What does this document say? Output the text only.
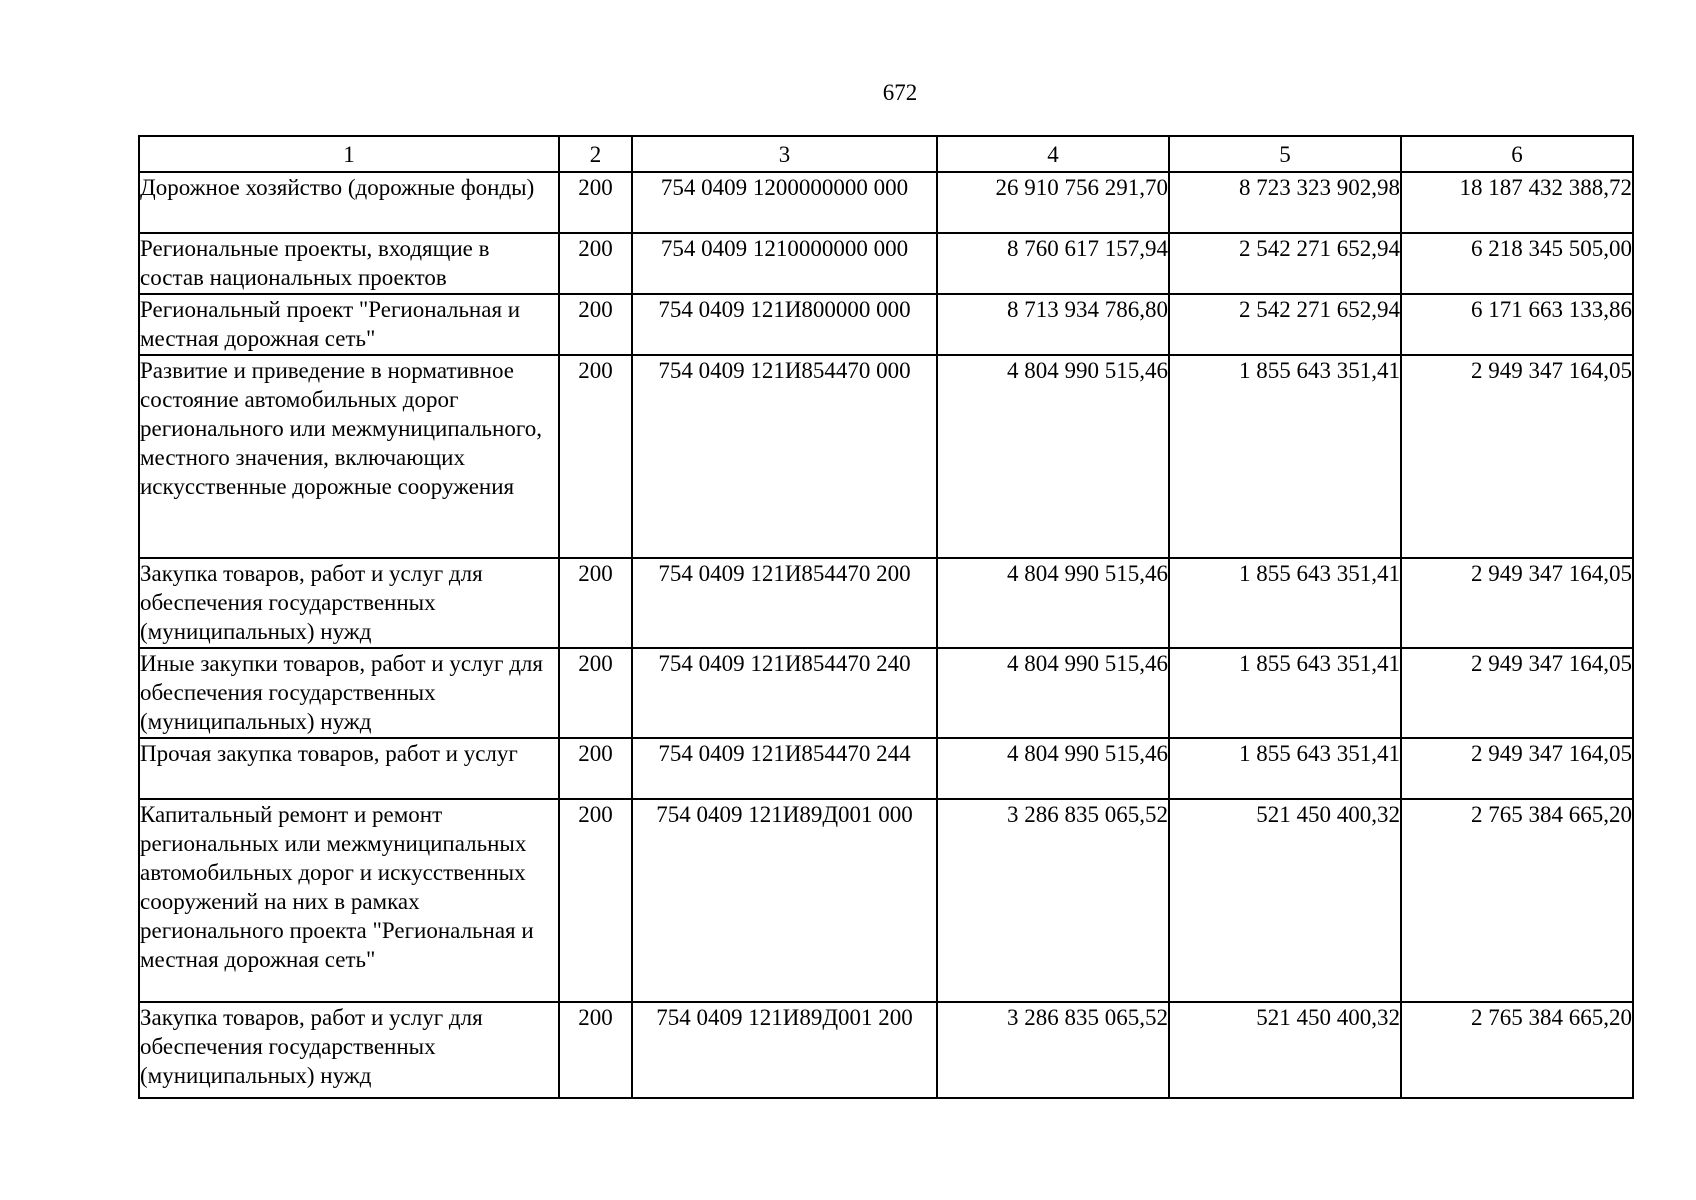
672
1	2	3	4	5	6
Дорожное хозяйство (дорожные фонды)	200	754 0409 1200000000 000	26 910 756 291,70	8 723 323 902,98	18 187 432 388,72
Региональные проекты, входящие в состав национальных проектов	200	754 0409 1210000000 000	8 760 617 157,94	2 542 271 652,94	6 218 345 505,00
Региональный проект "Региональная и местная дорожная сеть"	200	754 0409 121И800000 000	8 713 934 786,80	2 542 271 652,94	6 171 663 133,86
Развитие и приведение в нормативное состояние автомобильных дорог регионального или межмуниципального, местного значения, включающих искусственные дорожные сооружения	200	754 0409 121И854470 000	4 804 990 515,46	1 855 643 351,41	2 949 347 164,05
Закупка товаров, работ и услуг для обеспечения государственных (муниципальных) нужд	200	754 0409 121И854470 200	4 804 990 515,46	1 855 643 351,41	2 949 347 164,05
Иные закупки товаров, работ и услуг для обеспечения государственных (муниципальных) нужд	200	754 0409 121И854470 240	4 804 990 515,46	1 855 643 351,41	2 949 347 164,05
Прочая закупка товаров, работ и услуг	200	754 0409 121И854470 244	4 804 990 515,46	1 855 643 351,41	2 949 347 164,05
Капитальный ремонт и ремонт региональных или межмуниципальных автомобильных дорог и искусственных сооружений на них в рамках регионального проекта "Региональная и местная дорожная сеть"	200	754 0409 121И89Д001 000	3 286 835 065,52	521 450 400,32	2 765 384 665,20
Закупка товаров, работ и услуг для обеспечения государственных (муниципальных) нужд	200	754 0409 121И89Д001 200	3 286 835 065,52	521 450 400,32	2 765 384 665,20
